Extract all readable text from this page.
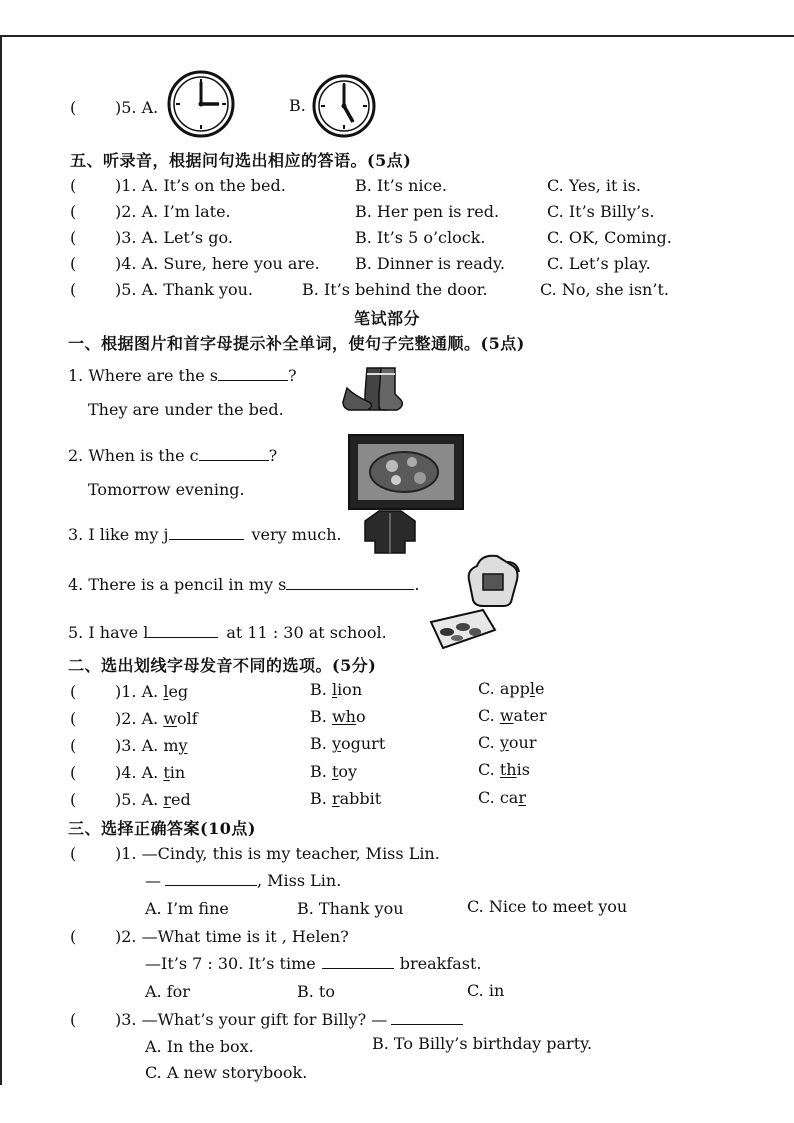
( )5. A.	B.
五、听录音，根据问句选出相应的答语。(5点)
( )1. A. It’s on the bed.	B. It’s nice.	C. Yes, it is.
( )2. A. I’m late.	B. Her pen is red.	C. It’s Billy’s.
( )3. A. Let’s go.	B. It’s 5 o’clock.	C. OK, Coming.
( )4. A. Sure, here you are. B. Dinner is ready.	C. Let’s play.
( )5. A. Thank you.	B. It’s behind the door.	C. No, she isn’t.
笔试部分
一、根据图片和首字母提示补全单词，使句子完整通顺。(5点)
1. Where are the s	?
They are under the bed.
2. When is the c	?
Tomorrow evening.
3. I like my j	very much.
4. There is a pencil in my s	.
5. I have l	at 11 : 30 at school.
二、选出划线字母发音不同的选项。(5分)
( )1. A. leg	B. lion	C. apple
( )2. A. wolf	B. who	C. water
( )3. A. my	B. yogurt	C. your
( )4. A. tin	B. toy	C. this
( )5. A. red	B. rabbit	C. car
三、选择正确答案(10点)
( )1. —Cindy, this is my teacher, Miss Lin.
—	, Miss Lin.
A. I’m fine	B. Thank you	C. Nice to meet you
( )2. —What time is it , Helen?
—It’s 7 : 30. It’s time	breakfast.
A. for	B. to	C. in
( )3. —What’s your gift for Billy? —
A. In the box.	B. To Billy’s birthday party.
C. A new storybook.
